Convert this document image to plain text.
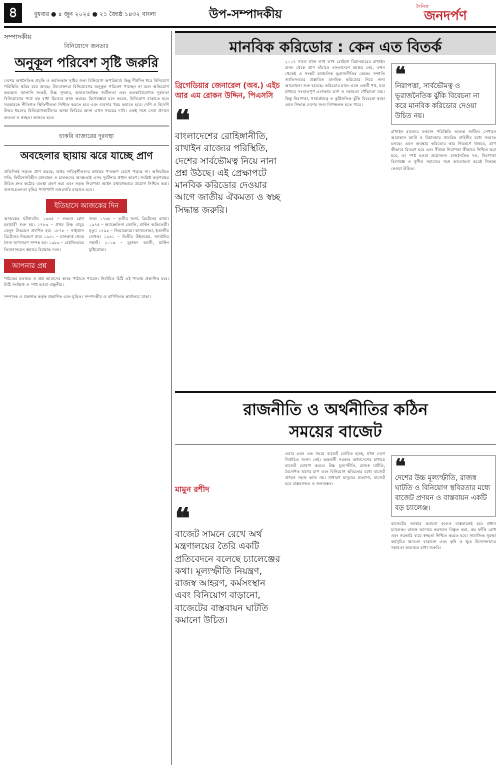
৪	বুধবার ● ৪ জুন ২০২৫ ● ২১ জ্যৈষ্ঠ ১৪৩২ বাংলা	উপ-সম্পাদকীয়	দৈনিক
জনদর্পণ
সম্পাদকীয়
বিনিয়োগে জনতাঃ
অনুকূল পরিবেশ সৃষ্টি জরুরি
দেশের অর্থনৈতিক প্রবৃদ্ধি ও কর্মসংস্থান সৃষ্টির জন্য বিনিয়োগ অপরিহার্য। কিন্তু দীর্ঘদিন ধরে বিনিয়োগ পরিস্থিতি স্থবির হয়ে আছে। উদ্যোক্তারা বিনিয়োগের অনুকূল পরিবেশ পাচ্ছেন না বলে অভিযোগ করছেন। জ্বালানি সংকট, উচ্চ সুদহার, আমলাতান্ত্রিক জটিলতা এবং অবকাঠামোগত দুর্বলতা বিনিয়োগের পথে বড় বাধা হিসেবে কাজ করছে। বিশেষজ্ঞরা মনে করেন, বিনিয়োগ বাড়াতে হলে সরকারকে নীতিগত স্থিতিশীলতা নিশ্চিত করতে হবে এবং ব্যবসার খরচ কমাতে হবে। দেশি ও বিদেশি উভয় ধরনের বিনিয়োগকারীদের আস্থা ফিরিয়ে আনা এখন সময়ের দাবি। একই সঙ্গে সেবা প্রদানে দ্রুততা ও স্বচ্ছতা আনতে হবে।
চাকরি বাজারের দুরবস্থা
অবহেলার ছায়ায় ঝরে যাচ্ছে প্রাণ
প্রতিদিনই সড়কে প্রাণ ঝরছে, অথচ দায়িত্বশীলদের কার্যকর পদক্ষেপ চোখে পড়ছে না। অনিয়ন্ত্রিত গতি, ফিটনেসবিহীন যানবাহন ও চালকদের অদক্ষতাই এসব দুর্ঘটনার প্রধান কারণ। সংশ্লিষ্ট কর্তৃপক্ষের উচিত দ্রুত কঠোর ব্যবস্থা গ্রহণ করা এবং সড়ক নিরাপত্তা আইন যথাযথভাবে প্রয়োগ নিশ্চিত করা। জনসচেতনতা বৃদ্ধির পাশাপাশি নজরদারি বাড়াতে হবে।
ইতিহাসে আজকের দিন
আজকের ঘটনাবলি: ১৬৬৫ – লন্ডনে প্লেগ মহামারী শুরু হয়। ১৭৮৩ – প্রথম উষ্ণ বায়ুর বেলুন উড্ডয়ন প্রদর্শিত হয়। ১৮৭৮ – সাইপ্রাস ব্রিটেনের নিয়ন্ত্রণে যায়। ১৯৪০ – ডানকার্ক থেকে সৈন্য অপসারণ সম্পন্ন হয়। ১৯৮৯ – বেইজিংয়ের তিয়ানানমেন স্কয়ারে বিক্ষোভ দমন।
জন্ম: ১৭৩৮ – তৃতীয় জর্জ, ব্রিটেনের রাজা। ১৯৭৫ – অ্যাঞ্জেলিনা জোলি, মার্কিন অভিনেত্রী। মৃত্যু: ১৭৯৮ – জিয়াকোমো কাসানোভা, ইতালীয় লেখক। ১৯৪১ – দ্বিতীয় উইলহেম, জার্মানির সম্রাট। ২০১৬ – মুহাম্মদ আলী, মার্কিন মুষ্টিযোদ্ধা।
আপনার প্রশ্ন
পাঠকের মতামত ও প্রশ্ন আমাদের কাছে পাঠাতে পারেন। নির্বাচিত চিঠি এই পাতায় প্রকাশিত হবে। চিঠি সংক্ষিপ্ত ও স্পষ্ট হওয়া বাঞ্ছনীয়।
সম্পাদক ও প্রকাশক কর্তৃক প্রকাশিত এবং মুদ্রিত। সম্পাদকীয় ও বাণিজ্যিক কার্যালয়: ঢাকা।
মানবিক করিডোর : কেন এত বিতর্ক
ব্রিগেডিয়ার জেনারেল (অব.) এইচ আর এম রোকন উদ্দিন, পিএসসি
❝
বাংলাদেশের রোহিঙ্গানীতি, রাখাইন রাজ্যের পরিস্থিতি, দেশের সার্বভৌমত্ব নিয়ে নানা প্রশ্ন উঠছে। এই প্রেক্ষাপটে মানবিক করিডোর দেওয়ার আগে জাতীয় ঐকমত্য ও স্বচ্ছ সিদ্ধান্ত জরুরি।
২০১৭ সালে যখন লাখ লাখ রোহিঙ্গা মিয়ানমারের রাখাইন রাজ্য থেকে প্রাণ বাঁচাতে বাংলাদেশে আশ্রয় নেয়, তখন থেকেই এ সংকট আঞ্চলিক ভূরাজনীতির কেন্দ্রে। সম্প্রতি জাতিসংঘের প্রস্তাবিত মানবিক করিডোর নিয়ে নানা আলোচনা শুরু হয়েছে। করিডোর মানে এমন একটি পথ, যার মাধ্যমে সংঘাতপূর্ণ এলাকায় ত্রাণ ও সহায়তা পৌঁছানো যায়। কিন্তু নিরাপত্তা, সার্বভৌমত্ব ও কূটনৈতিক ঝুঁকি বিবেচনা ছাড়া এমন সিদ্ধান্ত দেশের জন্য বিপজ্জনক হতে পারে।
❝
নিরাপত্তা, সার্বভৌমত্ব ও ভূরাজনৈতিক ঝুঁকি বিবেচনা না করে মানবিক করিডোর দেওয়া উচিত নয়।
রাখাইন রাজ্যের বর্তমান পরিস্থিতি অত্যন্ত জটিল। সেখানে আরাকান আর্মি ও মিয়ানমার সামরিক বাহিনীর মধ্যে সংঘাত চলছে। এমন অবস্থায় করিডোর কার নিয়ন্ত্রণে থাকবে, ত্রাণ কীভাবে বিতরণ হবে এবং সীমান্ত নিরাপত্তা কীভাবে নিশ্চিত করা হবে, তা স্পষ্ট হওয়া প্রয়োজন। রাজনৈতিক দল, নিরাপত্তা বিশেষজ্ঞ ও সুশীল সমাজের সঙ্গে আলোচনা করেই সিদ্ধান্ত নেওয়া উচিত।
রাজনীতি ও অর্থনীতির কঠিন
সময়ের বাজেট
মামুন রশীদ
❝
বাজেট সামনে রেখে অর্থ মন্ত্রণালয়ের তৈরি একটি প্রতিবেদনে বলেছে চ্যালেঞ্জের কথা। মূল্যস্ফীতি নিয়ন্ত্রণ, রাজস্ব আহরণ, কর্মসংস্থান এবং বিনিয়োগ বাড়ানো, বাজেটের বাস্তবায়ন ঘাটতি কমানো উচিত।
এবার এমন এক সময়ে বাজেট ঘোষিত হচ্ছে, যখন দেশে নির্বাচিত সংসদ নেই। অন্তর্বর্তী সরকার অধ্যাদেশের মাধ্যমে বাজেট ঘোষণা করবে। উচ্চ মূল্যস্ফীতি, রাজস্ব ঘাটতি, বৈদেশিক ঋণের চাপ এবং বিনিয়োগ স্থবিরতার মধ্যে বাজেট প্রণয়ন সহজ কাজ নয়। সাধারণ মানুষের প্রত্যাশা, বাজেট হবে বাস্তবসম্মত ও জনবান্ধব।
❝
দেশের উচ্চ মূল্যস্ফীতি, রাজস্ব ঘাটতি ও বিনিয়োগ স্থবিরতার মধ্যে বাজেট প্রণয়ন ও বাস্তবায়ন একটি বড় চ্যালেঞ্জ।
বাজেটের আকার কমানো হলেও বাস্তবায়নই হবে প্রধান চ্যালেঞ্জ। রাজস্ব আদায়ে করজাল বিস্তৃত করা, কর ফাঁকি রোধ এবং সরকারি ব্যয়ে স্বচ্ছতা নিশ্চিত করতে হবে। সামাজিক সুরক্ষা কর্মসূচির আওতা বাড়ানো এবং কৃষি ও ক্ষুদ্র উদ্যোক্তাদের সহায়তা অব্যাহত রাখা জরুরি।
